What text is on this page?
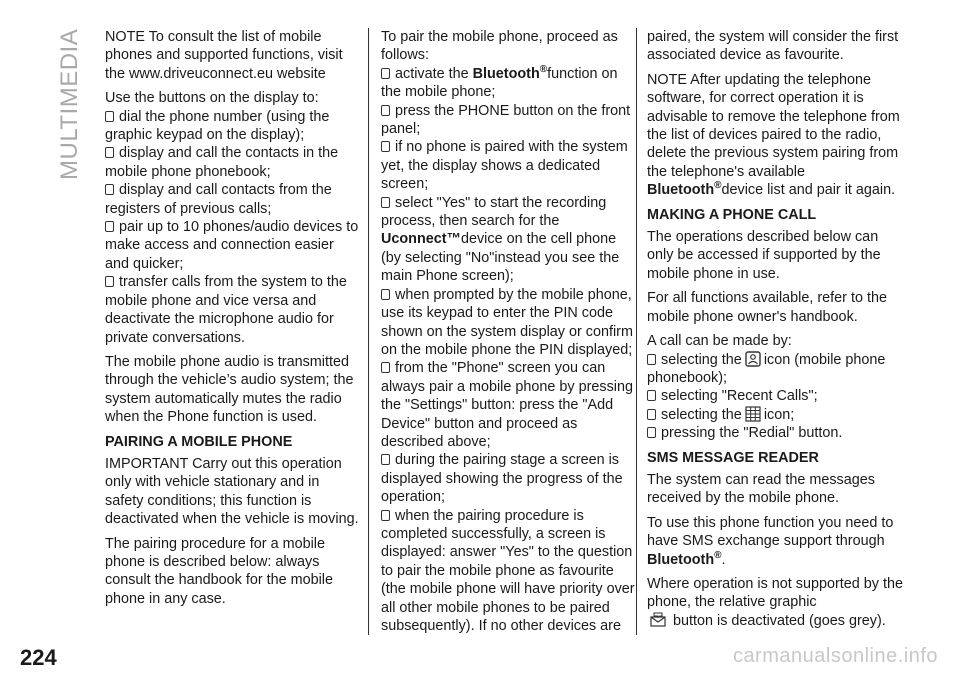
MULTIMEDIA NOTE To consult the list of mobile phones and supported functions, visit the www.driveuconnect.eu website

Use the buttons on the display to:

dial the phone number (using the graphic keypad on the display);
display and call the contacts in the mobile phone phonebook;
display and call contacts from the registers of previous calls;
pair up to 10 phones/audio devices to make access and connection easier and quicker;
transfer calls from the system to the mobile phone and vice versa and deactivate the microphone audio for private conversations.

The mobile phone audio is transmitted through the vehicle’s audio system; the system automatically mutes the radio when the Phone function is used.

PAIRING A MOBILE PHONE

IMPORTANT Carry out this operation only with vehicle stationary and in safety conditions; this function is deactivated when the vehicle is moving.

The pairing procedure for a mobile phone is described below: always consult the handbook for the mobile phone in any case.

To pair the mobile phone, proceed as follows:

activate the Bluetooth®function on the mobile phone;
press the PHONE button on the front panel;
if no phone is paired with the system yet, the display shows a dedicated screen;
select "Yes" to start the recording process, then search for the Uconnect™device on the cell phone (by selecting "No"instead you see the main Phone screen);
when prompted by the mobile phone, use its keypad to enter the PIN code shown on the system display or confirm on the mobile phone the PIN displayed;
from the "Phone" screen you can always pair a mobile phone by pressing the "Settings" button: press the "Add Device" button and proceed as described above;
during the pairing stage a screen is displayed showing the progress of the operation;
when the pairing procedure is completed successfully, a screen is displayed: answer "Yes" to the question to pair the mobile phone as favourite (the mobile phone will have priority over all other mobile phones to be paired subsequently). If no other devices are

paired, the system will consider the first associated device as favourite.

NOTE After updating the telephone software, for correct operation it is advisable to remove the telephone from the list of devices paired to the radio, delete the previous system pairing from the telephone's available Bluetooth®device list and pair it again.

MAKING A PHONE CALL

The operations described below can only be accessed if supported by the mobile phone in use.

For all functions available, refer to the mobile phone owner's handbook.

A call can be made by:

selecting the icon (mobile phone phonebook);
selecting "Recent Calls";
selecting the icon;
pressing the "Redial" button.
SMS MESSAGE READER

The system can read the messages received by the mobile phone.

To use this phone function you need to have SMS exchange support through Bluetooth®.

Where operation is not supported by the phone, the relative graphic
button is deactivated (goes grey).

224	carmanualsonline.info
